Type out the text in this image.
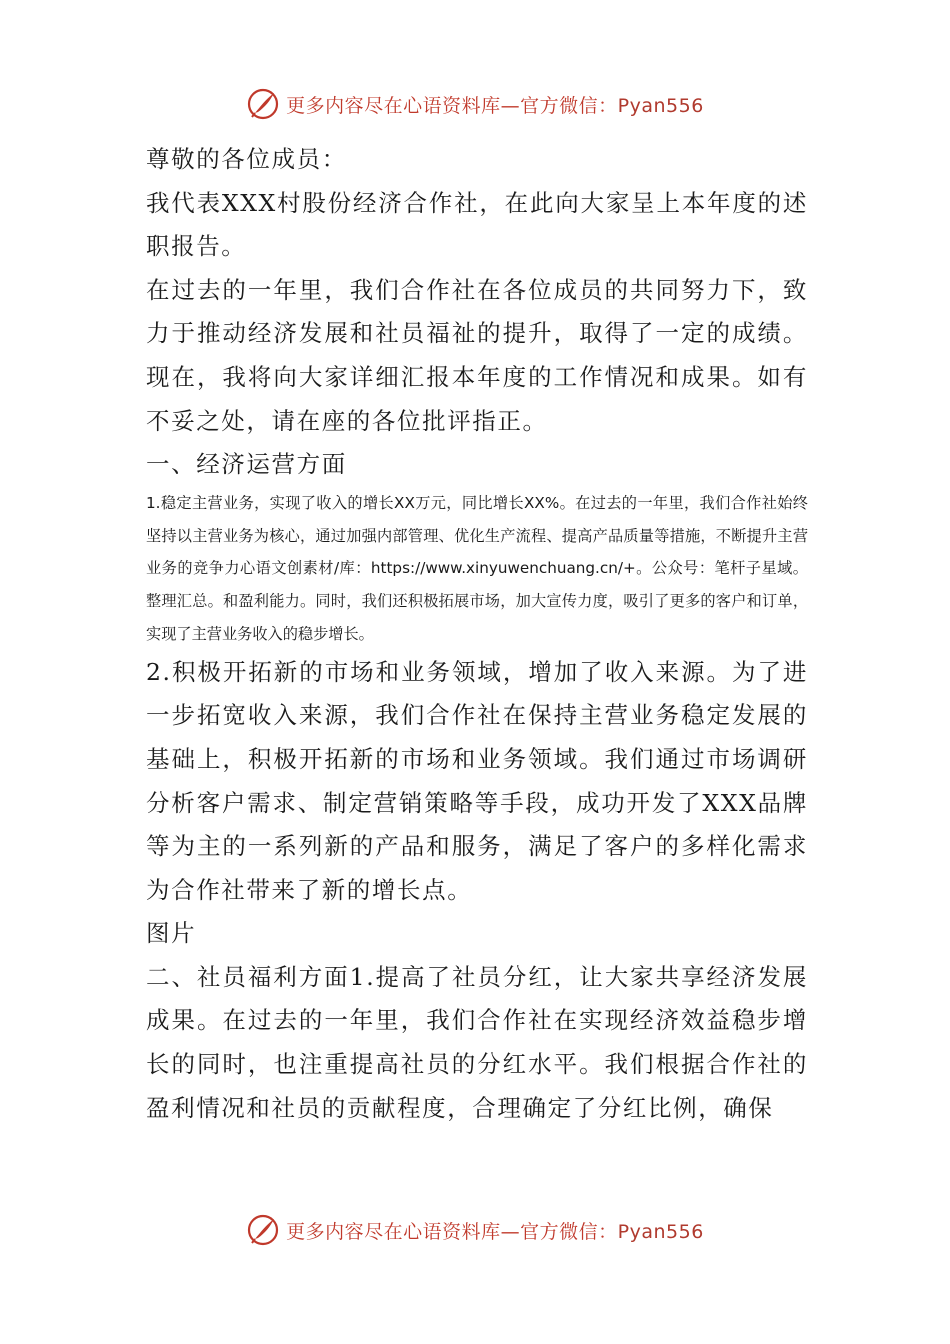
更多内容尽在心语资料库—官方微信：Pyan556

尊敬的各位成员：

我代表XXX村股份经济合作社，在此向大家呈上本年度的述职报告。

在过去的一年里，我们合作社在各位成员的共同努力下，致力于推动经济发展和社员福祉的提升，取得了一定的成绩。现在，我将向大家详细汇报本年度的工作情况和成果。如有不妥之处，请在座的各位批评指正。

一、经济运营方面

1.稳定主营业务，实现了收入的增长XX万元，同比增长XX%。在过去的一年里，我们合作社始终坚持以主营业务为核心，通过加强内部管理、优化生产流程、提高产品质量等措施，不断提升主营业务的竞争力心语文创素材/库：https://www.xinyuwenchuang.cn/+。公众号：笔杆子星域。整理汇总。和盈利能力。同时，我们还积极拓展市场，加大宣传力度，吸引了更多的客户和订单，实现了主营业务收入的稳步增长。

2.积极开拓新的市场和业务领域，增加了收入来源。为了进一步拓宽收入来源，我们合作社在保持主营业务稳定发展的基础上，积极开拓新的市场和业务领域。我们通过市场调研分析客户需求、制定营销策略等手段，成功开发了XXX品牌等为主的一系列新的产品和服务，满足了客户的多样化需求为合作社带来了新的增长点。

图片

二、社员福利方面1.提高了社员分红，让大家共享经济发展成果。在过去的一年里，我们合作社在实现经济效益稳步增长的同时，也注重提高社员的分红水平。我们根据合作社的盈利情况和社员的贡献程度，合理确定了分红比例，确保

更多内容尽在心语资料库—官方微信：Pyan556
